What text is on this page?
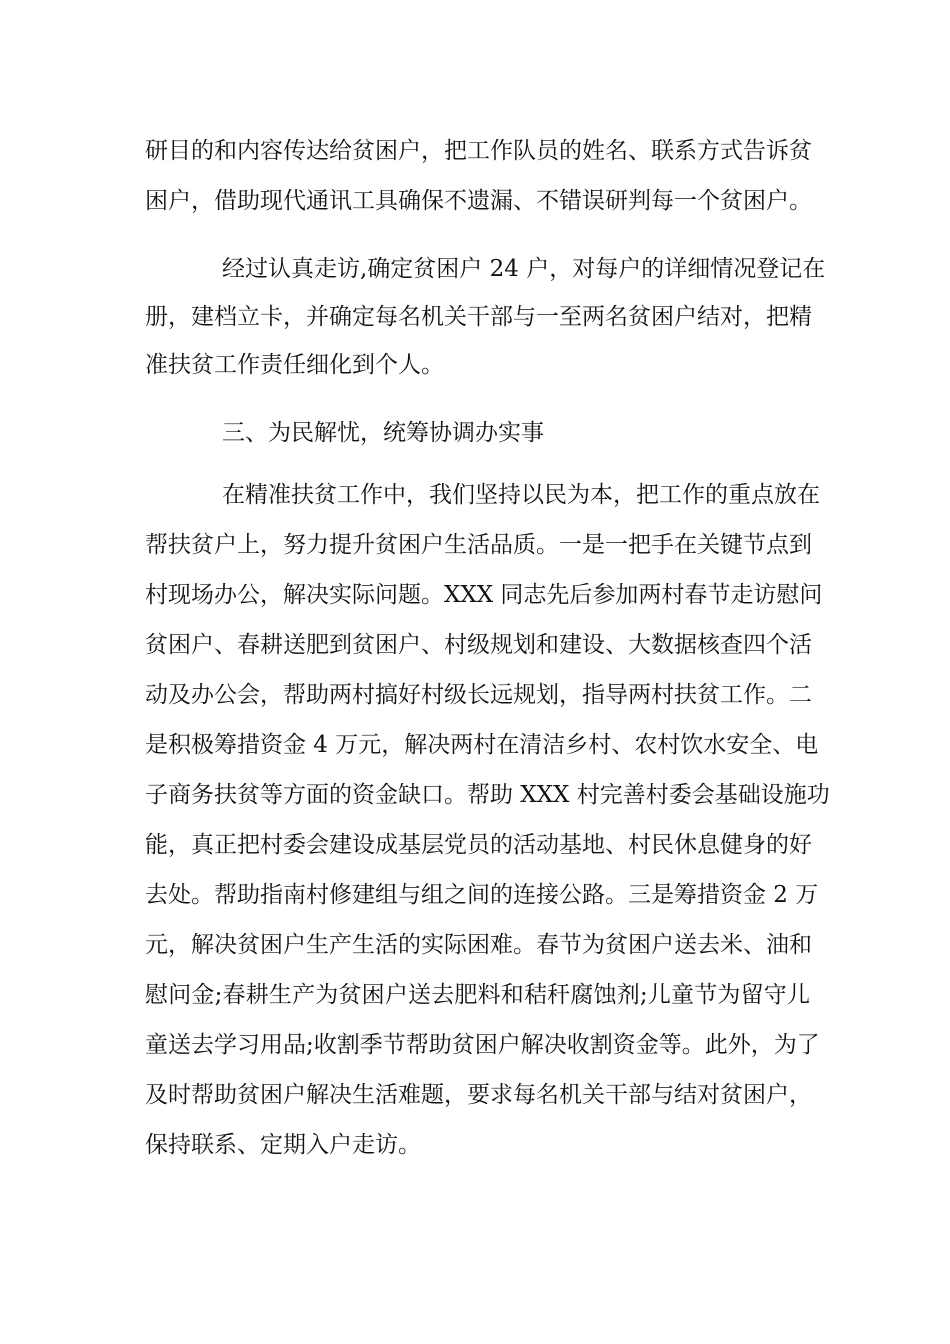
研目的和内容传达给贫困户，把工作队员的姓名、联系方式告诉贫
困户，借助现代通讯工具确保不遗漏、不错误研判每一个贫困户。
经过认真走访,确定贫困户 24 户，对每户的详细情况登记在
册，建档立卡，并确定每名机关干部与一至两名贫困户结对，把精
准扶贫工作责任细化到个人。
三、为民解忧，统筹协调办实事
在精准扶贫工作中，我们坚持以民为本，把工作的重点放在
帮扶贫户上，努力提升贫困户生活品质。一是一把手在关键节点到
村现场办公，解决实际问题。XXX 同志先后参加两村春节走访慰问
贫困户、春耕送肥到贫困户、村级规划和建设、大数据核查四个活
动及办公会，帮助两村搞好村级长远规划，指导两村扶贫工作。二
是积极筹措资金 4 万元，解决两村在清洁乡村、农村饮水安全、电
子商务扶贫等方面的资金缺口。帮助 XXX 村完善村委会基础设施功
能，真正把村委会建设成基层党员的活动基地、村民休息健身的好
去处。帮助指南村修建组与组之间的连接公路。三是筹措资金 2 万
元，解决贫困户生产生活的实际困难。春节为贫困户送去米、油和
慰问金;春耕生产为贫困户送去肥料和秸秆腐蚀剂;儿童节为留守儿
童送去学习用品;收割季节帮助贫困户解决收割资金等。此外，为了
及时帮助贫困户解决生活难题，要求每名机关干部与结对贫困户，
保持联系、定期入户走访。
